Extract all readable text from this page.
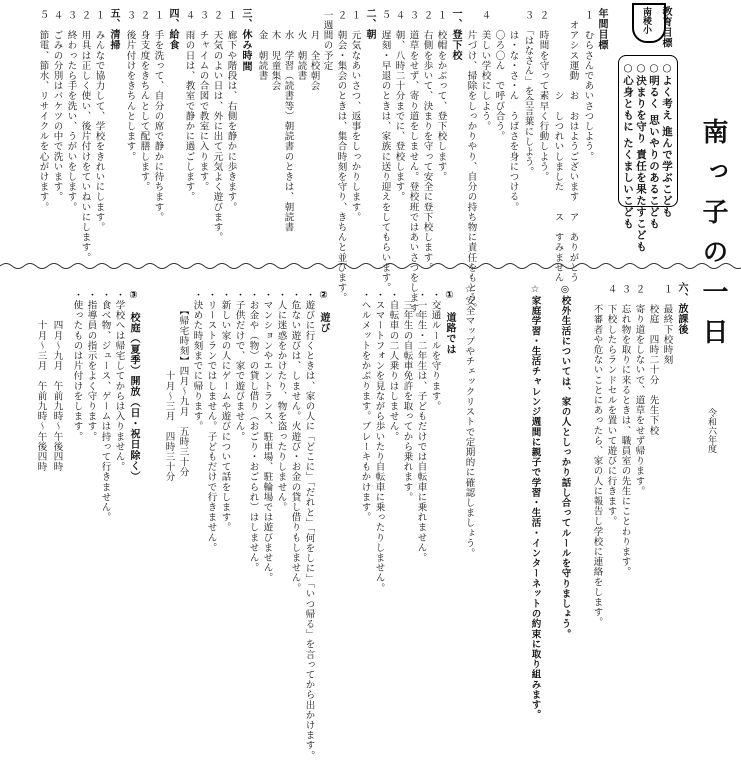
南っ子の一日
令和六年度
南稜小 教育目標
○よく考え 進んで学ぶこども
○明るく 思いやりのあるこども
○決まりを守り 責任を果たすこども
○心身ともに たくましいこども
年間目標
１　むらさんであいさつしよう。
　オアシス運動　お　おはようございます　ア　ありがとう
　　　　　　　　シ　しつれいしました　　ス　すみません
２　時間を守って素早く行動しよう。
３　「はなさん」を合言葉にしよう。
　　は・な・さ・ん　うばさを身につける。
　　〇ろ〇ん　で呼び合う。
４　美しい学校にしよう。
　　片づけ、掃除をしっかりやり、自分の持ち物に責任をもとう。
一、登下校
１　校帽をかぶって、登下校します。
２　右側を歩いて、決まりを守って安全に登下校します。
３　道草をせず、寄り道をしません。登校班ではあいさつをします。
４　朝、八時二十分までに、登校します。
５　遅刻・早退のときは、家族に送り迎えをしてもらいます。
二、朝
１　元気なあいさつ、返事をしっかりします。
２　朝会・集会のときは、集合時刻を守り、きちんと並びます。
一週間の予定
　　月　全校朝会
　　火　朝読書
　　水　学習（読書等）朝読書のときは、朝読書
　　木　児童集会
　　金　朝読書
三、休み時間
１　廊下や階段は、右側を静かに歩きます。
２　天気のよい日は、外に出て元気よく遊びます。
３　チャイムの合図で教室に入ります。
４　雨の日は、教室で静かに過ごします。
四、給食
１　手を洗って、自分の席で静かに待ちます。
２　身支度をきちんとして配膳します。
３　後片付けをきちんとします。
五、清掃
１　みんなで協力して、学校をきれいにします。
２　用具は正しく使い、後片付けをていねいにします。
３　終わったら手を洗い、うがいをします。
４　ごみの分別はバケツの中で洗います。
５　節電、節水、リサイクルを心がけます。
六、放課後
１　最終下校時刻
　　校庭　四時二十分　先生下校
２　寄り道をしないで、道草をせず帰ります。
３　忘れ物を取りに来るときは、職員室の先生にことわります。
４　下校したらランドセルを置いて遊びに行きます。
　　不審者や危ないことにあったら、家の人に報告し学校に連絡をします。
◎校外生活については、家の人としっかり話し合ってルールを守りましょう。
☆家庭学習・生活チャレンジ週間に親子で学習・生活・インターネットの約束に取り組みます。
☆安全マップやチェックリストで定期的に確認しましょう。
①　道路では
・交通ルールを守ります。
・一年生・二年生は、子どもだけでは自転車に乗れません。
　三年生の自転車免許を取ってから乗れます。
・自転車の二人乗りはしません。
・スマートフォンを見ながら歩いたり自転車に乗ったりしません。
・ヘルメットをかぶります。ブレーキもかけます。
②　遊び
・遊びに行くときは、家の人に「どこに」「だれと」「何をしに」「いつ帰る」を言ってから出かけます。
・危ない遊びは、しません。火遊び・お金の貸し借りもしません。
・人に迷惑をかけたり、物を盗ったりしません。
・マンションやエントランス、駐車場、駐輪場では遊びません。
・お金や（物）の貸し借り（おごり・おごられ）はしません。
・子供だけで、家で遊びません。
・新しい家の人にゲームや遊びについて話をします。
・リーストランではしません。子どもだけで行きません。
・決めた時刻までに帰ります。
　　【帰宅時刻】四月～九月　五時三十分
　　　　　　　　十月～三月　四時三十分
③　校庭（夏季）開放（日・祝日除く）
・学校へは帰宅してからは入りません。
・食べ物、ジュース、ゲームは持って行きません。
・指導員の指示をよく守ります。
・使ったものは片付けをします。
　　　四月～九月　午前九時～午後四時
　　　十月～三月　午前九時～午後四時
